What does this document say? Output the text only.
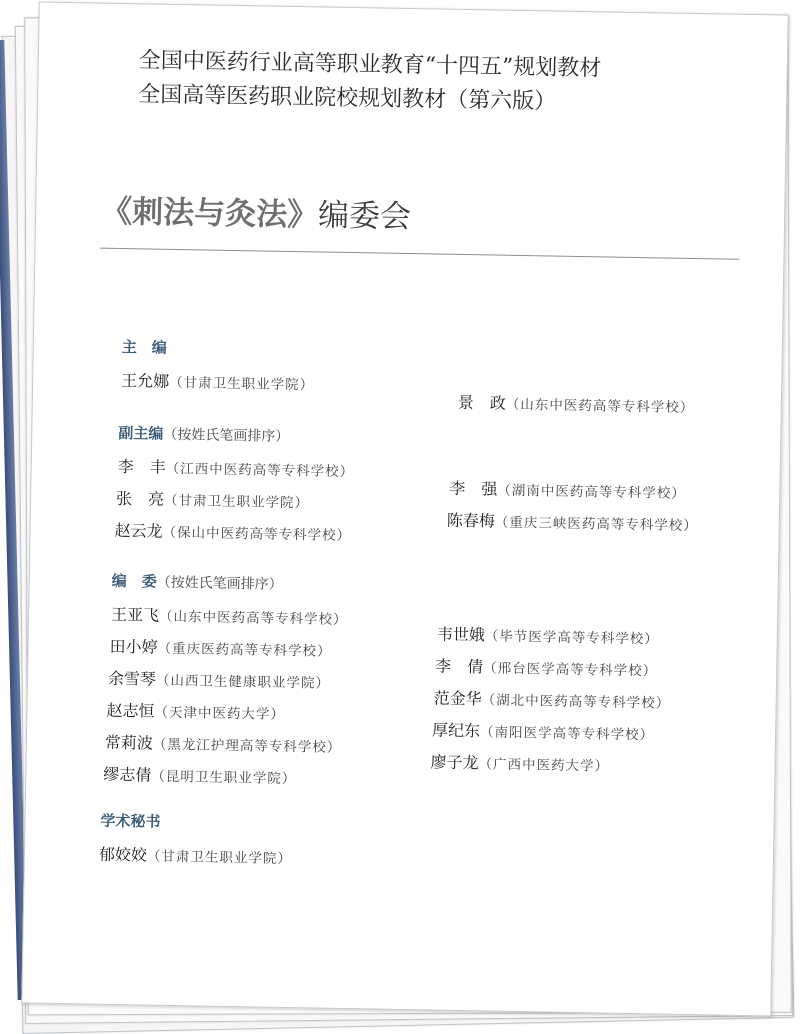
全国中医药行业高等职业教育“十四五”规划教材
全国高等医药职业院校规划教材（第六版）
《刺法与灸法》编委会
主　编
王允娜（甘肃卫生职业学院）
景　政（山东中医药高等专科学校）
副主编（按姓氏笔画排序）
李　丰（江西中医药高等专科学校）
张　亮（甘肃卫生职业学院）
赵云龙（保山中医药高等专科学校）
李　强（湖南中医药高等专科学校）
陈春梅（重庆三峡医药高等专科学校）
编　委（按姓氏笔画排序）
王亚飞（山东中医药高等专科学校）
田小婷（重庆医药高等专科学校）
余雪琴（山西卫生健康职业学院）
赵志恒（天津中医药大学）
常莉波（黑龙江护理高等专科学校）
缪志倩（昆明卫生职业学院）
韦世娥（毕节医学高等专科学校）
李　倩（邢台医学高等专科学校）
范金华（湖北中医药高等专科学校）
厚纪东（南阳医学高等专科学校）
廖子龙（广西中医药大学）
学术秘书
郁姣姣（甘肃卫生职业学院）
